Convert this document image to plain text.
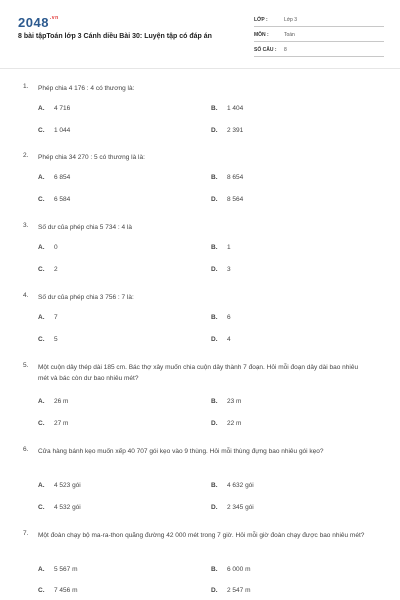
$2048^{.vn}$
8 bài tậpToán lớp 3 Cánh diều Bài 30: Luyện tập có đáp án
LỚP :	Lớp 3
MÔN :	Toán
SỐ CÂU : 8
1. Phép chia 4 176 : 4 có thương là:
A. 4 716	B. 1 404
C. 1 044	D. 2 391
2. Phép chia 34 270 : 5 có thương là là:
A. 6 854	B. 8 654
C. 6 584	D. 8 564
3. Số dư của phép chia 5 734 : 4 là
A. 0	B. 1
C. 2	D. 3
4. Số dư của phép chia 3 756 : 7 là:
A. 7	B. 6
C. 5	D. 4
5. Một cuộn dây thép dài 185 cm. Bác thợ xây muốn chia cuộn dây thành 7 đoạn. Hỏi mỗi đoạn dây dài bao nhiêu mét và bác còn dư bao nhiêu mét?
A. 26 m	B. 23 m
C. 27 m	D. 22 m
6. Cửa hàng bánh kẹo muốn xếp 40 707 gói kẹo vào 9 thùng. Hỏi mỗi thùng đựng bao nhiêu gói kẹo?
A. 4 523 gói	B. 4 632 gói
C. 4 532 gói	D. 2 345 gói
7. Một đoàn chạy bộ ma-ra-thon quãng đường 42 000 mét trong 7 giờ. Hỏi mỗi giờ đoàn chạy được bao nhiêu mét?
A. 5 567 m	B. 6 000 m
C. 7 456 m	D. 2 547 m
